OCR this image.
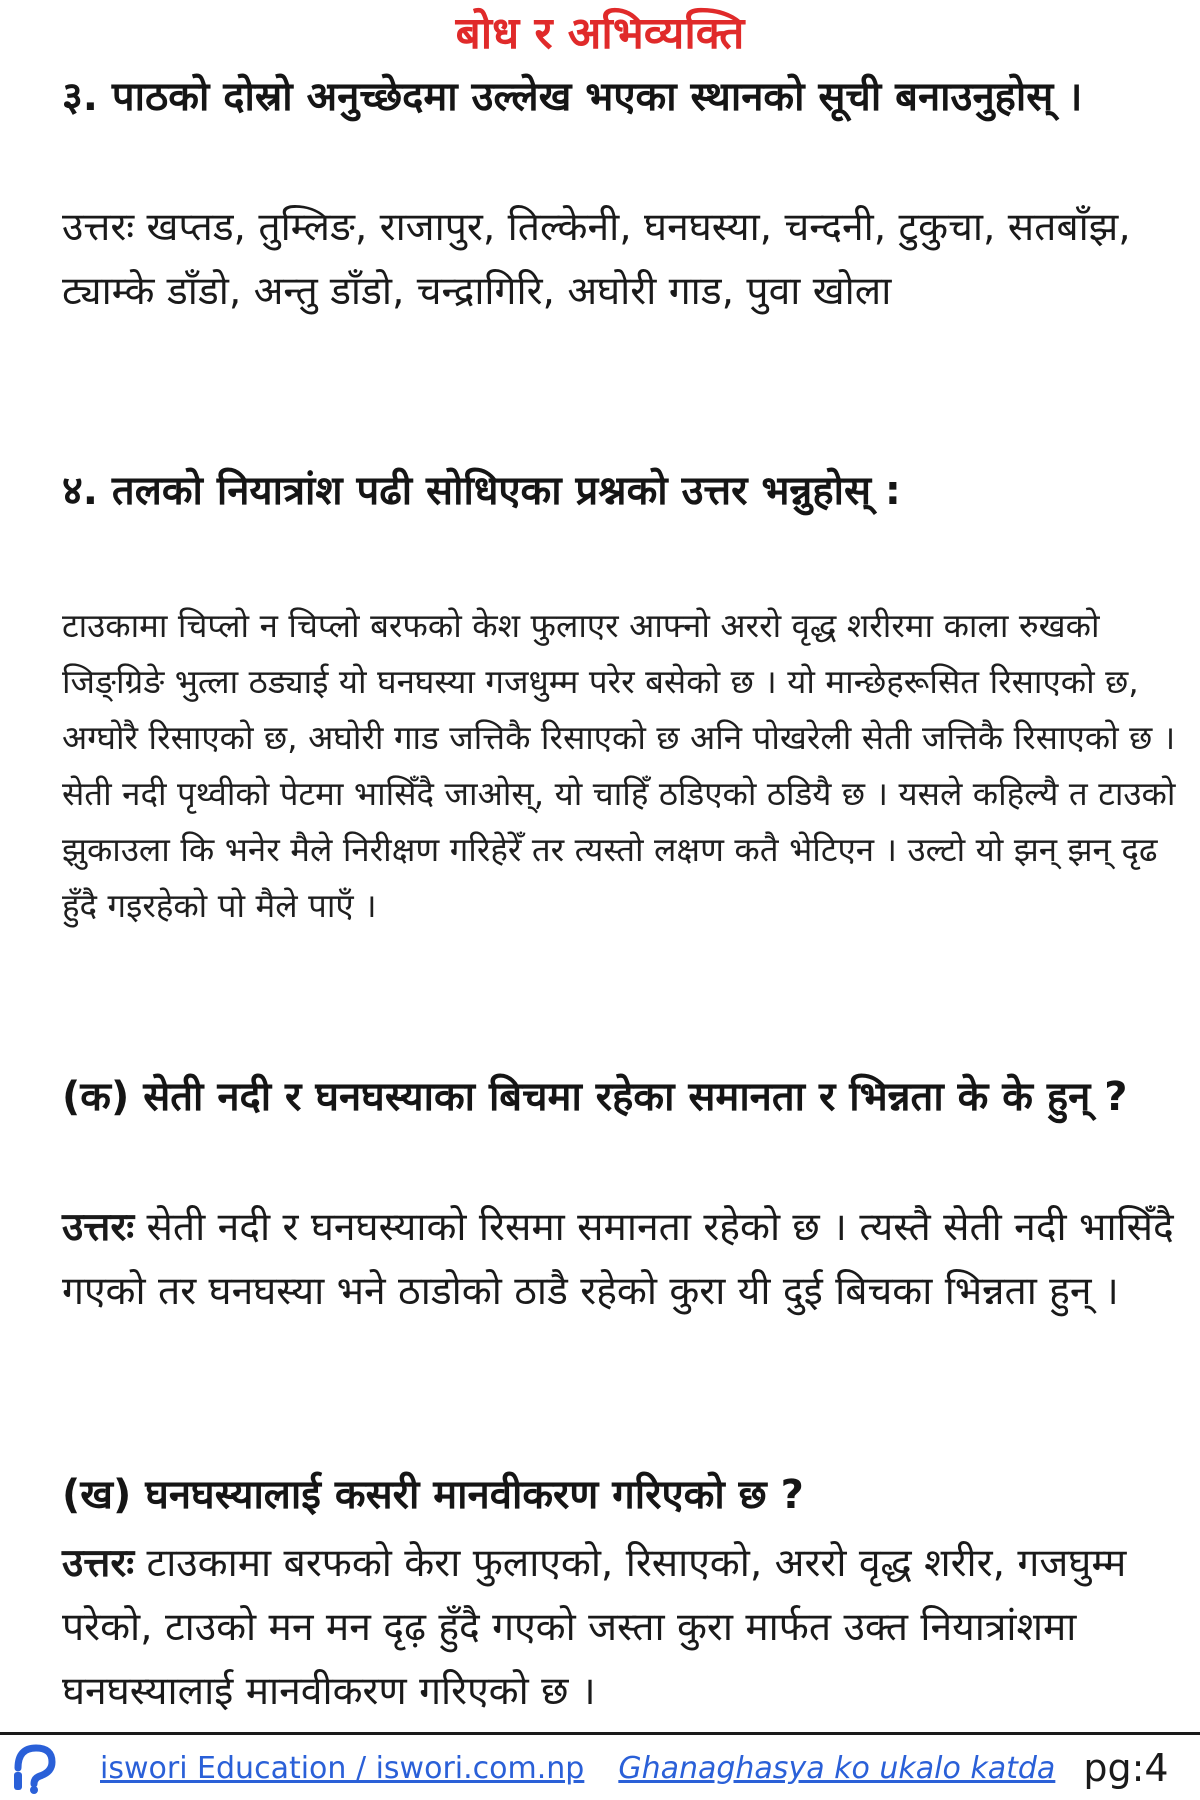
बोध र अभिव्यक्ति
३. पाठको दोस्रो अनुच्छेदमा उल्लेख भएका स्थानको सूची बनाउनुहोस् ।
उत्तरः खप्तड, तुम्लिङ, राजापुर, तिल्केनी, घनघस्या, चन्दनी, टुकुचा, सतबाँझ, ट्याम्के डाँडो, अन्तु डाँडो, चन्द्रागिरि, अघोरी गाड, पुवा खोला
४. तलको नियात्रांश पढी सोधिएका प्रश्नको उत्तर भन्नुहोस् :
टाउकामा चिप्लो न चिप्लो बरफको केश फुलाएर आफ्नो अररो वृद्ध शरीरमा काला रुखको जिङ्ग्रिङे भुत्ला ठड्याई यो घनघस्या गजधुम्म परेर बसेको छ । यो मान्छेहरूसित रिसाएको छ, अग्घोरै रिसाएको छ, अघोरी गाड जत्तिकै रिसाएको छ अनि पोखरेली सेती जत्तिकै रिसाएको छ । सेती नदी पृथ्वीको पेटमा भासिँदै जाओस्, यो चाहिँ ठडिएको ठडियै छ । यसले कहिल्यै त टाउको झुकाउला कि भनेर मैले निरीक्षण गरिहेरेँ तर त्यस्तो लक्षण कतै भेटिएन । उल्टो यो झन् झन् दृढ हुँदै गइरहेको पो मैले पाएँ ।
(क) सेती नदी र घनघस्याका बिचमा रहेका समानता र भिन्नता के के हुन् ?
उत्तरः सेती नदी र घनघस्याको रिसमा समानता रहेको छ । त्यस्तै सेती नदी भासिँदै गएको तर घनघस्या भने ठाडोको ठाडै रहेको कुरा यी दुई बिचका भिन्नता हुन् ।
(ख) घनघस्यालाई कसरी मानवीकरण गरिएको छ ?
उत्तरः टाउकामा बरफको केरा फुलाएको, रिसाएको, अररो वृद्ध शरीर, गजघुम्म परेको, टाउको मन मन दृढ़ हुँदै गएको जस्ता कुरा मार्फत उक्त नियात्रांशमा घनघस्यालाई मानवीकरण गरिएको छ ।
iswori Education / iswori.com.np Ghanaghasya ko ukalo katda pg:4
